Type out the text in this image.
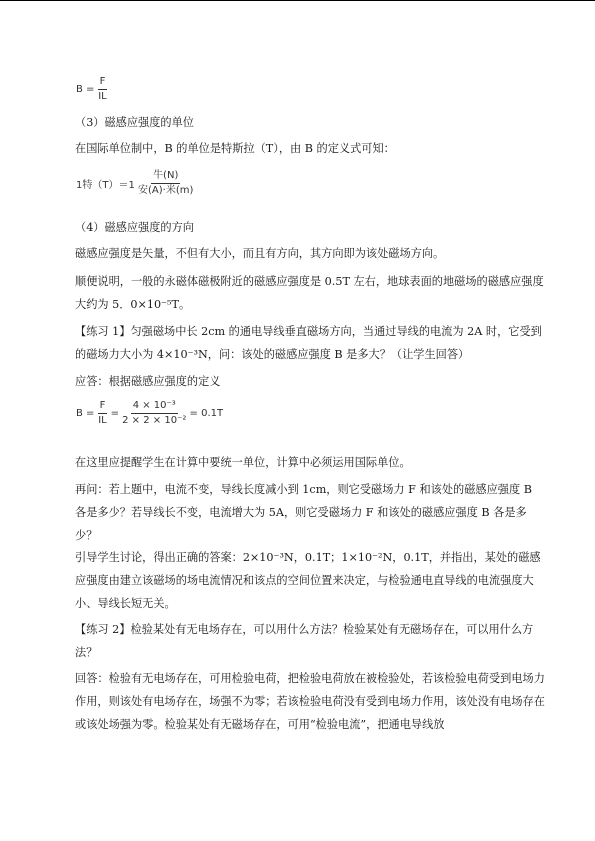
$B = \frac{F}{IL}$

（3）磁感应强度的单位

在国际单位制中，B 的单位是特斯拉（T），由 B 的定义式可知：

1特$(T)=1 \frac{\text{牛(N)}}{\text{安(A)·米(m)}}$

（4）磁感应强度的方向

磁感应强度是矢量，不但有大小，而且有方向，其方向即为该处磁场方向。

顺便说明，一般的永磁体磁极附近的磁感应强度是 0.5T 左右，地球表面的地磁场的磁感应强度大约为 5．0×10⁻⁵T。

【练习 1】匀强磁场中长 2cm 的通电导线垂直磁场方向，当通过导线的电流为 2A 时，它受到的磁场力大小为 4×10⁻³N，问：该处的磁感应强度 B 是多大？（让学生回答）

应答：根据磁感应强度的定义

$B = \frac{F}{IL} = \frac{\text{4 × 10⁻³}}{\text{2 × 2 × 10⁻²}} = 0.1T$

在这里应提醒学生在计算中要统一单位，计算中必须运用国际单位。

再问：若上题中，电流不变，导线长度减小到 1cm，则它受磁场力 F 和该处的磁感应强度 B 各是多少？若导线长不变，电流增大为 5A，则它受磁场力 F 和该处的磁感应强度 B 各是多少？

引导学生讨论，得出正确的答案：2×10⁻³N，0.1T；1×10⁻²N，0.1T，并指出，某处的磁感应强度由建立该磁场的场电流情况和该点的空间位置来决定，与检验通电直导线的电流强度大小、导线长短无关。

【练习 2】检验某处有无电场存在，可以用什么方法？检验某处有无磁场存在，可以用什么方法？

回答：检验有无电场存在，可用检验电荷，把检验电荷放在被检验处，若该检验电荷受到电场力作用，则该处有电场存在，场强不为零；若该检验电荷没有受到电场力作用，该处没有电场存在或该处场强为零。检验某处有无磁场存在，可用“检验电流”，把通电导线放
